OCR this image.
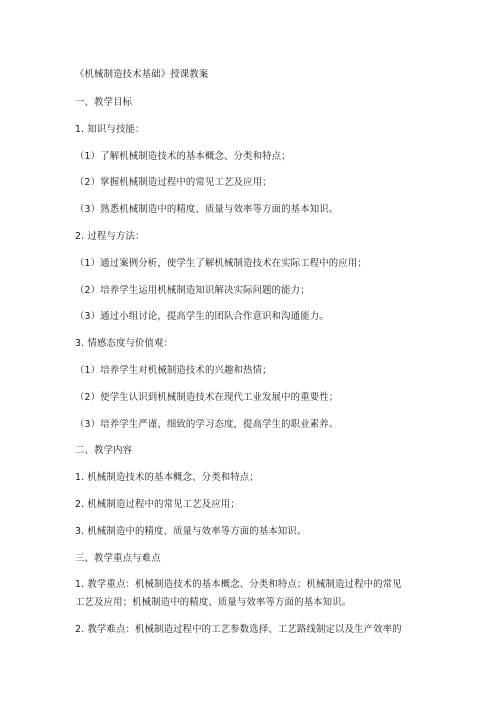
《机械制造技术基础》授课教案
一、教学目标
1. 知识与技能：
（1）了解机械制造技术的基本概念、分类和特点；
（2）掌握机械制造过程中的常见工艺及应用；
（3）熟悉机械制造中的精度、质量与效率等方面的基本知识。
2. 过程与方法：
（1）通过案例分析，使学生了解机械制造技术在实际工程中的应用；
（2）培养学生运用机械制造知识解决实际问题的能力；
（3）通过小组讨论，提高学生的团队合作意识和沟通能力。
3. 情感态度与价值观：
（1）培养学生对机械制造技术的兴趣和热情；
（2）使学生认识到机械制造技术在现代工业发展中的重要性；
（3）培养学生严谨、细致的学习态度，提高学生的职业素养。
二、教学内容
1. 机械制造技术的基本概念、分类和特点；
2. 机械制造过程中的常见工艺及应用；
3. 机械制造中的精度、质量与效率等方面的基本知识。
三、教学重点与难点
1. 教学重点：机械制造技术的基本概念、分类和特点；机械制造过程中的常见
工艺及应用；机械制造中的精度、质量与效率等方面的基本知识。
2. 教学难点：机械制造过程中的工艺参数选择、工艺路线制定以及生产效率的
